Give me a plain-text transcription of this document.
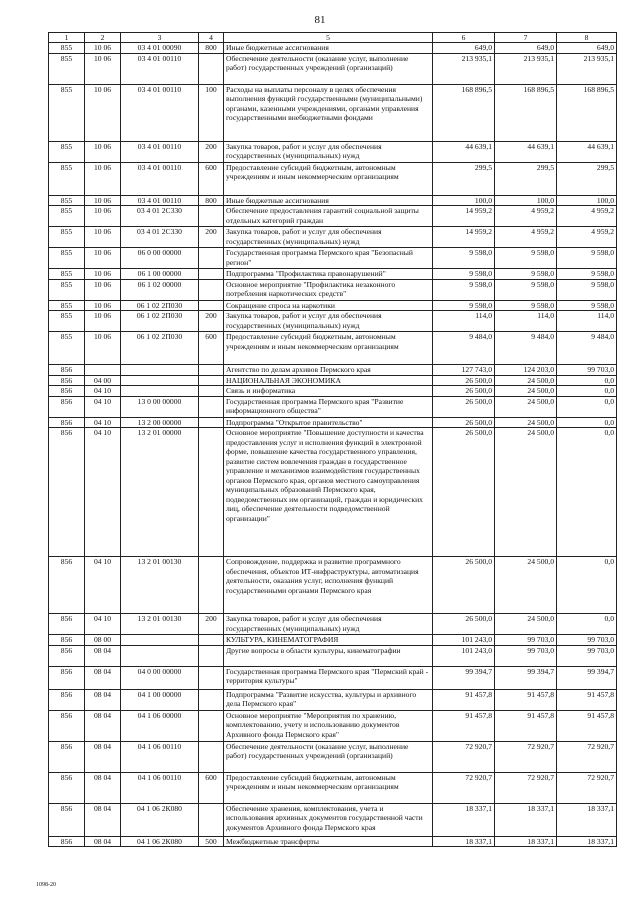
81
1	2	3	4	5	6	7	8
855	10 06	03 4 01 00090	800	Иные бюджетные ассигнования	649,0	649,0	649,0
855	10 06	03 4 01 00110		Обеспечение деятельности (оказание услуг, выполнение работ) государственных учреждений (организаций)	213 935,1	213 935,1	213 935,1
855	10 06	03 4 01 00110	100	Расходы на выплаты персоналу в целях обеспечения выполнения функций государственными (муниципальными) органами, казенными учреждениями, органами управления государственными внебюджетными фондами	168 896,5	168 896,5	168 896,5
855	10 06	03 4 01 00110	200	Закупка товаров, работ и услуг для обеспечения государственных (муниципальных) нужд	44 639,1	44 639,1	44 639,1
855	10 06	03 4 01 00110	600	Предоставление субсидий бюджетным, автономным учреждениям и иным некоммерческим организациям	299,5	299,5	299,5
855	10 06	03 4 01 00110	800	Иные бюджетные ассигнования	100,0	100,0	100,0
855	10 06	03 4 01 2С330		Обеспечение предоставления гарантий социальной защиты отдельных категорий граждан	14 959,2	4 959,2	4 959,2
855	10 06	03 4 01 2С330	200	Закупка товаров, работ и услуг для обеспечения государственных (муниципальных) нужд	14 959,2	4 959,2	4 959,2
855	10 06	06 0 00 00000		Государственная программа Пермского края "Безопасный регион"	9 598,0	9 598,0	9 598,0
855	10 06	06 1 00 00000		Подпрограмма "Профилактика правонарушений"	9 598,0	9 598,0	9 598,0
855	10 06	06 1 02 00000		Основное мероприятие "Профилактика незаконного потребления наркотических средств"	9 598,0	9 598,0	9 598,0
855	10 06	06 1 02 2П030		Сокращение спроса на наркотики	9 598,0	9 598,0	9 598,0
855	10 06	06 1 02 2П030	200	Закупка товаров, работ и услуг для обеспечения государственных (муниципальных) нужд	114,0	114,0	114,0
855	10 06	06 1 02 2П030	600	Предоставление субсидий бюджетным, автономным учреждениям и иным некоммерческим организациям	9 484,0	9 484,0	9 484,0
856				Агентство по делам архивов Пермского края	127 743,0	124 203,0	99 703,0
856	04 00			НАЦИОНАЛЬНАЯ ЭКОНОМИКА	26 500,0	24 500,0	0,0
856	04 10			Связь и информатика	26 500,0	24 500,0	0,0
856	04 10	13 0 00 00000		Государственная программа Пермского края "Развитие информационного общества"	26 500,0	24 500,0	0,0
856	04 10	13 2 00 00000		Подпрограмма "Открытое правительство"	26 500,0	24 500,0	0,0
856	04 10	13 2 01 00000		Основное мероприятие "Повышение доступности и качества предоставления услуг и исполнения функций в электронной форме, повышение качества государственного управления, развитие систем вовлечения граждан в государственное управление и механизмов взаимодействия государственных органов Пермского края, органов местного самоуправления муниципальных образований Пермского края, подведомственных им организаций, граждан и юридических лиц, обеспечение деятельности подведомственной организации"	26 500,0	24 500,0	0,0
856	04 10	13 2 01 00130		Сопровождение, поддержка и развитие программного обеспечения, объектов ИТ-инфраструктуры, автоматизация деятельности, оказания услуг, исполнения функций государственными органами Пермского края	26 500,0	24 500,0	0,0
856	04 10	13 2 01 00130	200	Закупка товаров, работ и услуг для обеспечения государственных (муниципальных) нужд	26 500,0	24 500,0	0,0
856	08 00			КУЛЬТУРА, КИНЕМАТОГРАФИЯ	101 243,0	99 703,0	99 703,0
856	08 04			Другие вопросы в области культуры, кинематографии	101 243,0	99 703,0	99 703,0
856	08 04	04 0 00 00000		Государственная программа Пермского края "Пермский край - территория культуры"	99 394,7	99 394,7	99 394,7
856	08 04	04 1 00 00000		Подпрограмма "Развитие искусства, культуры и архивного дела Пермского края"	91 457,8	91 457,8	91 457,8
856	08 04	04 1 06 00000		Основное мероприятие "Мероприятия по хранению, комплектованию, учету и использованию документов Архивного фонда Пермского края"	91 457,8	91 457,8	91 457,8
856	08 04	04 1 06 00110		Обеспечение деятельности (оказание услуг, выполнение работ) государственных учреждений (организаций)	72 920,7	72 920,7	72 920,7
856	08 04	04 1 06 00110	600	Предоставление субсидий бюджетным, автономным учреждениям и иным некоммерческим организациям	72 920,7	72 920,7	72 920,7
856	08 04	04 1 06 2К080		Обеспечение хранения, комплектования, учета и использования архивных документов государственной части документов Архивного фонда Пермского края	18 337,1	18 337,1	18 337,1
856	08 04	04 1 06 2К080	500	Межбюджетные трансферты	18 337,1	18 337,1	18 337,1
1098-20
